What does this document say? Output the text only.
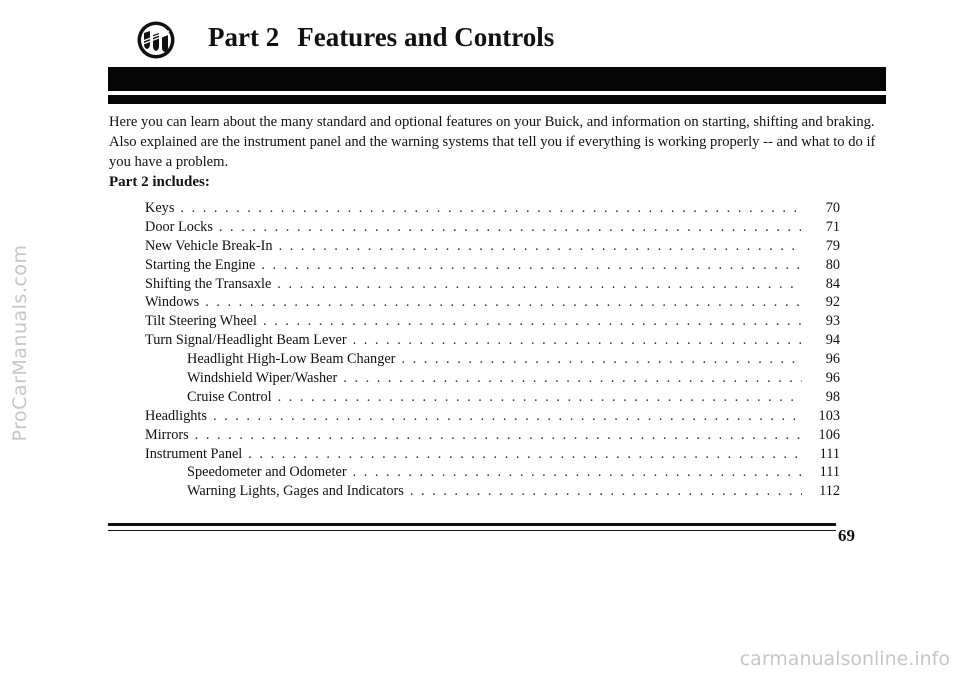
Part 2 Features and Controls
Here you can learn about the many standard and optional features on your Buick, and information on starting, shifting and braking. Also explained are the instrument panel and the warning systems that tell you if everything is working properly -- and what to do if you have a problem.
Part 2 includes:
Keys . . .	70
Door Locks . . .	71
New Vehicle Break-In . . .	79
Starting the Engine . . .	80
Shifting the Transaxle . . .	84
Windows . . .	92
Tilt Steering Wheel . . .	93
Turn Signal/Headlight Beam Lever . . .	94
Headlight High-Low Beam Changer . . .	96
Windshield Wiper/Washer . . .	96
Cruise Control . . .	98
Headlights . . .	103
Mirrors . . .	106
Instrument Panel . . .	111
Speedometer and Odometer . . .	111
Warning Lights, Gages and Indicators . . .	112
69
ProCarManuals.com
carmanualsonline.info
